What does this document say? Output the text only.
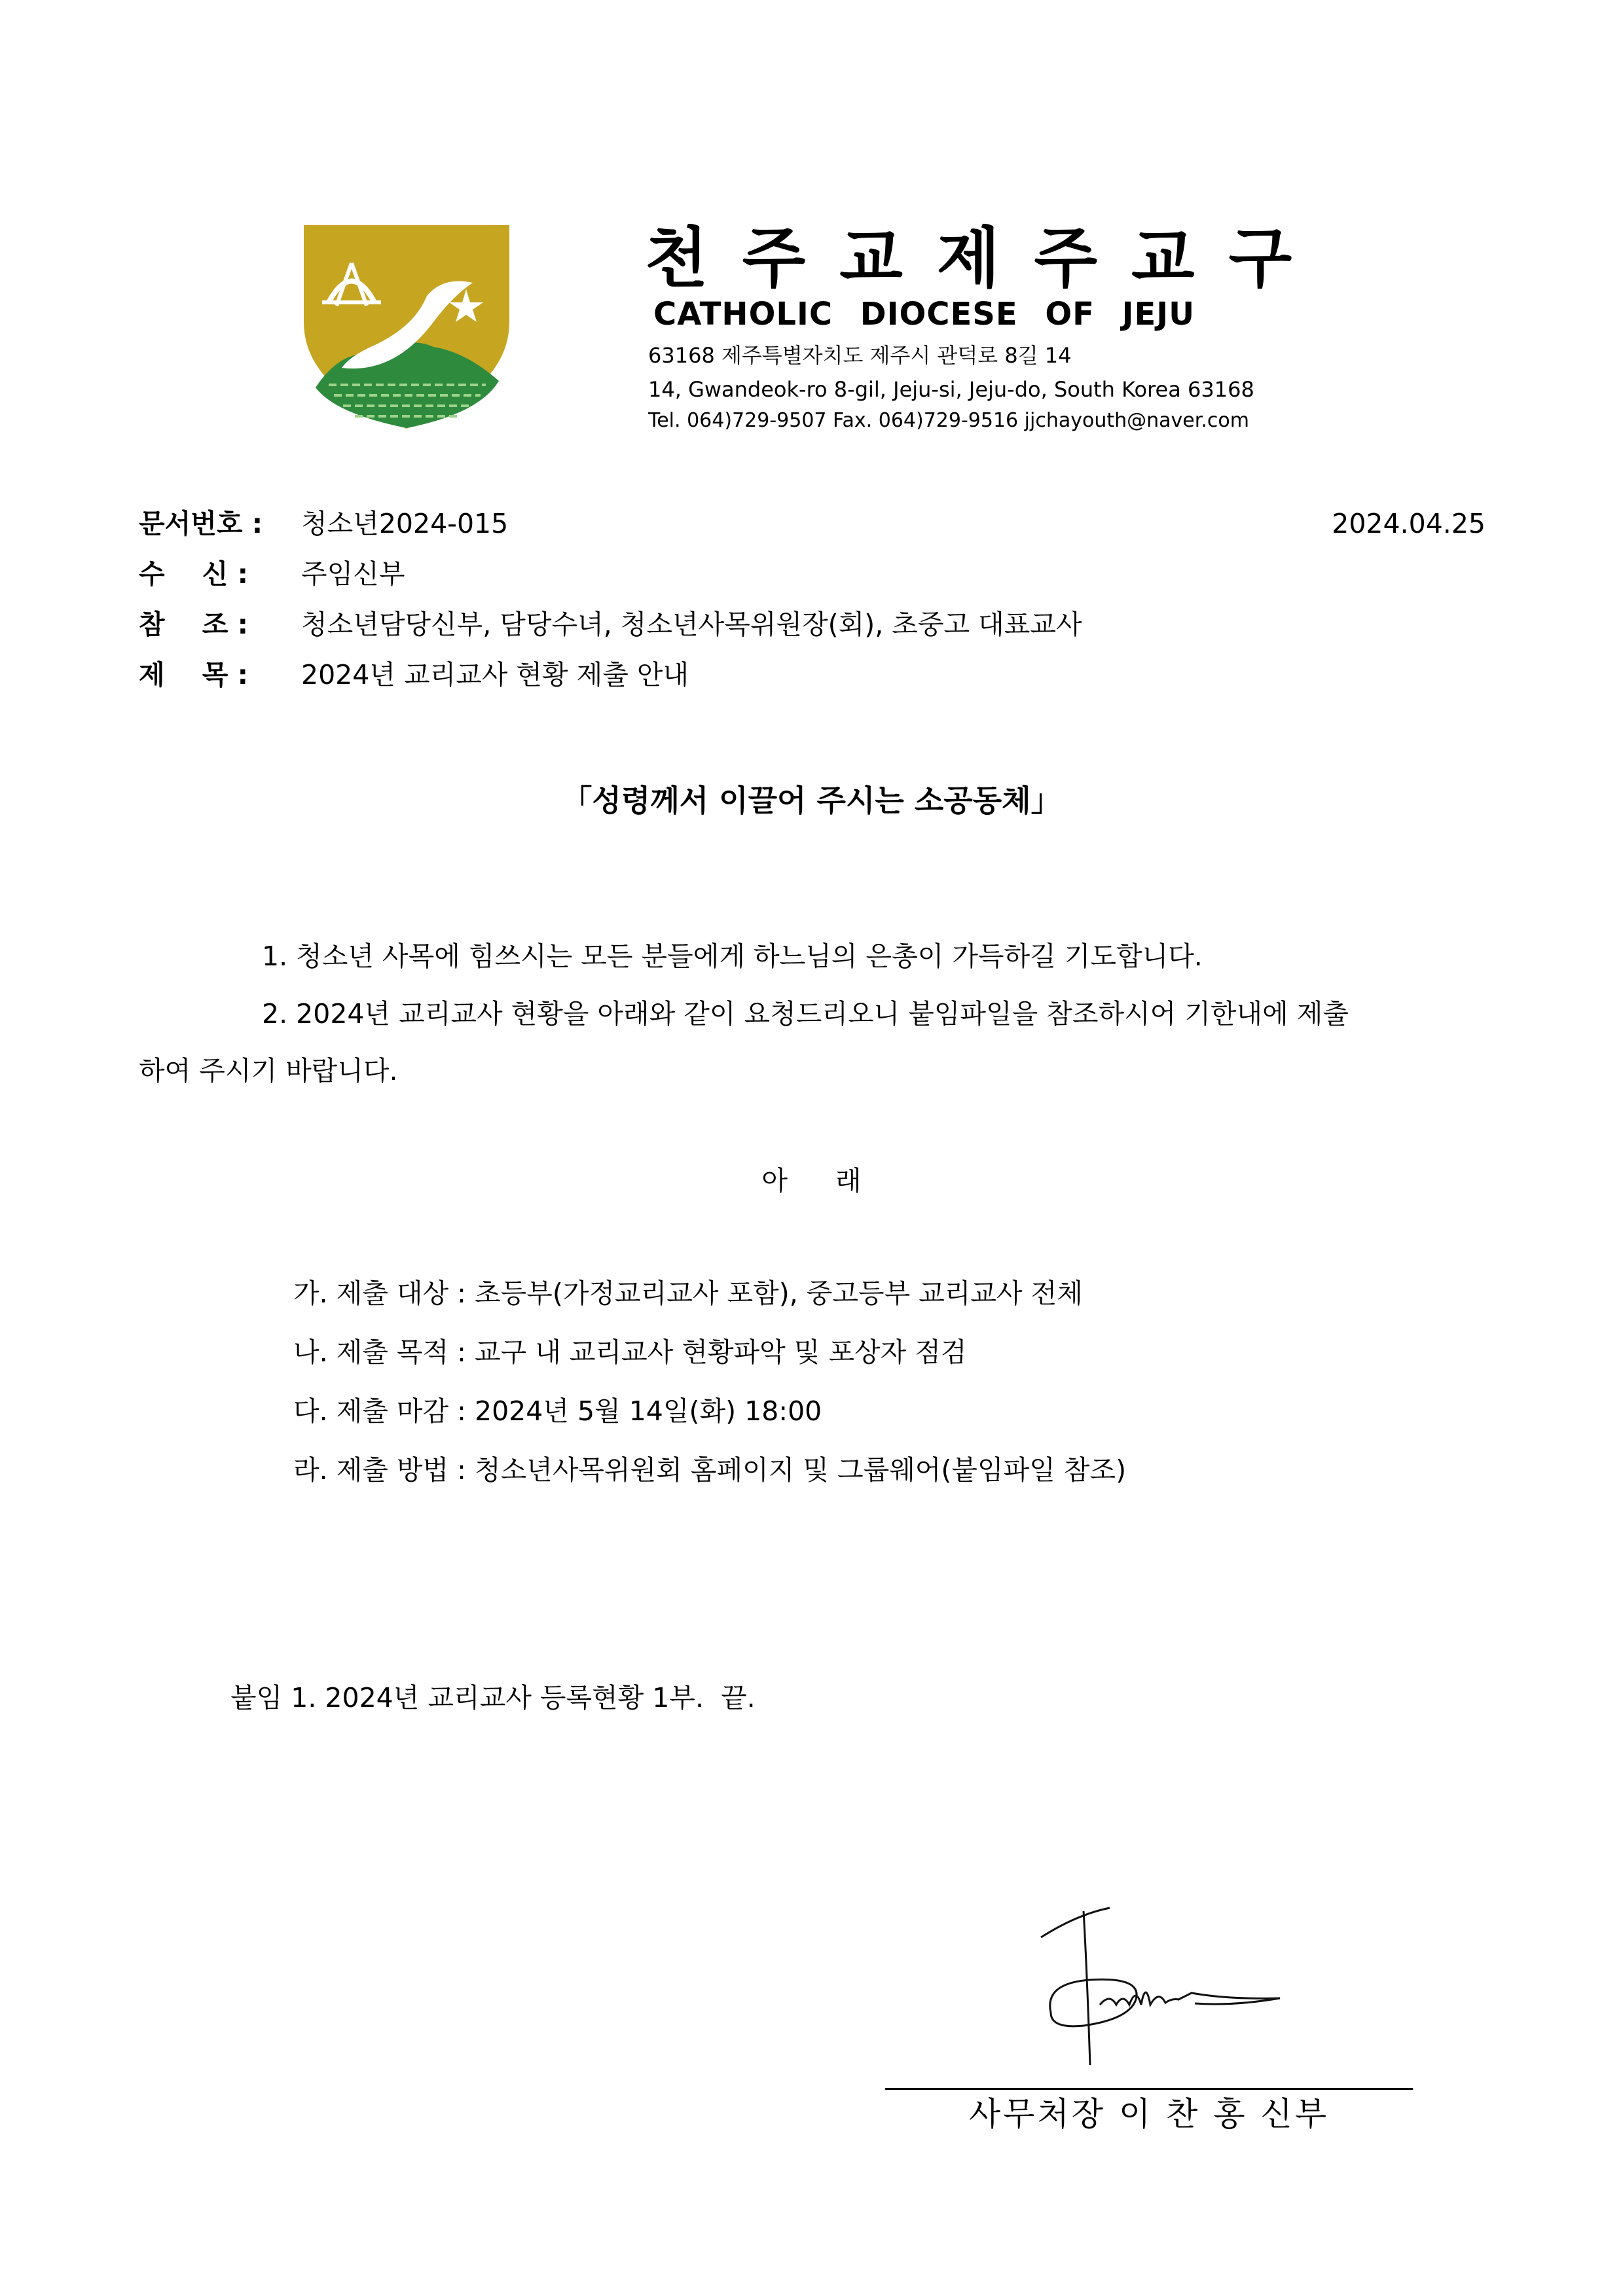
천주교제주교구
CATHOLIC DIOCESE OF JEJU
63168 제주특별자치도 제주시 관덕로 8길 14
14, Gwandeok-ro 8-gil, Jeju-si, Jeju-do, South Korea 63168
Tel. 064)729-9507 Fax. 064)729-9516 jjchayouth@naver.com
문서번호 : 청소년2024-015	2024.04.25
수    신 : 주임신부
참    조 : 청소년담당신부, 담당수녀, 청소년사목위원장(회), 초중고 대표교사
제    목 : 2024년 교리교사 현황 제출 안내
「성령께서 이끌어 주시는 소공동체」
1. 청소년 사목에 힘쓰시는 모든 분들에게 하느님의 은총이 가득하길 기도합니다.
2. 2024년 교리교사 현황을 아래와 같이 요청드리오니 붙임파일을 참조하시어 기한내에 제출
하여 주시기 바랍니다.
아 래
가. 제출 대상 : 초등부(가정교리교사 포함), 중고등부 교리교사 전체
나. 제출 목적 : 교구 내 교리교사 현황파악 및 포상자 점검
다. 제출 마감 : 2024년 5월 14일(화) 18:00
라. 제출 방법 : 청소년사목위원회 홈페이지 및 그룹웨어(붙임파일 참조)
붙임 1. 2024년 교리교사 등록현황 1부.  끝.
사무처장 이 찬 홍 신부
